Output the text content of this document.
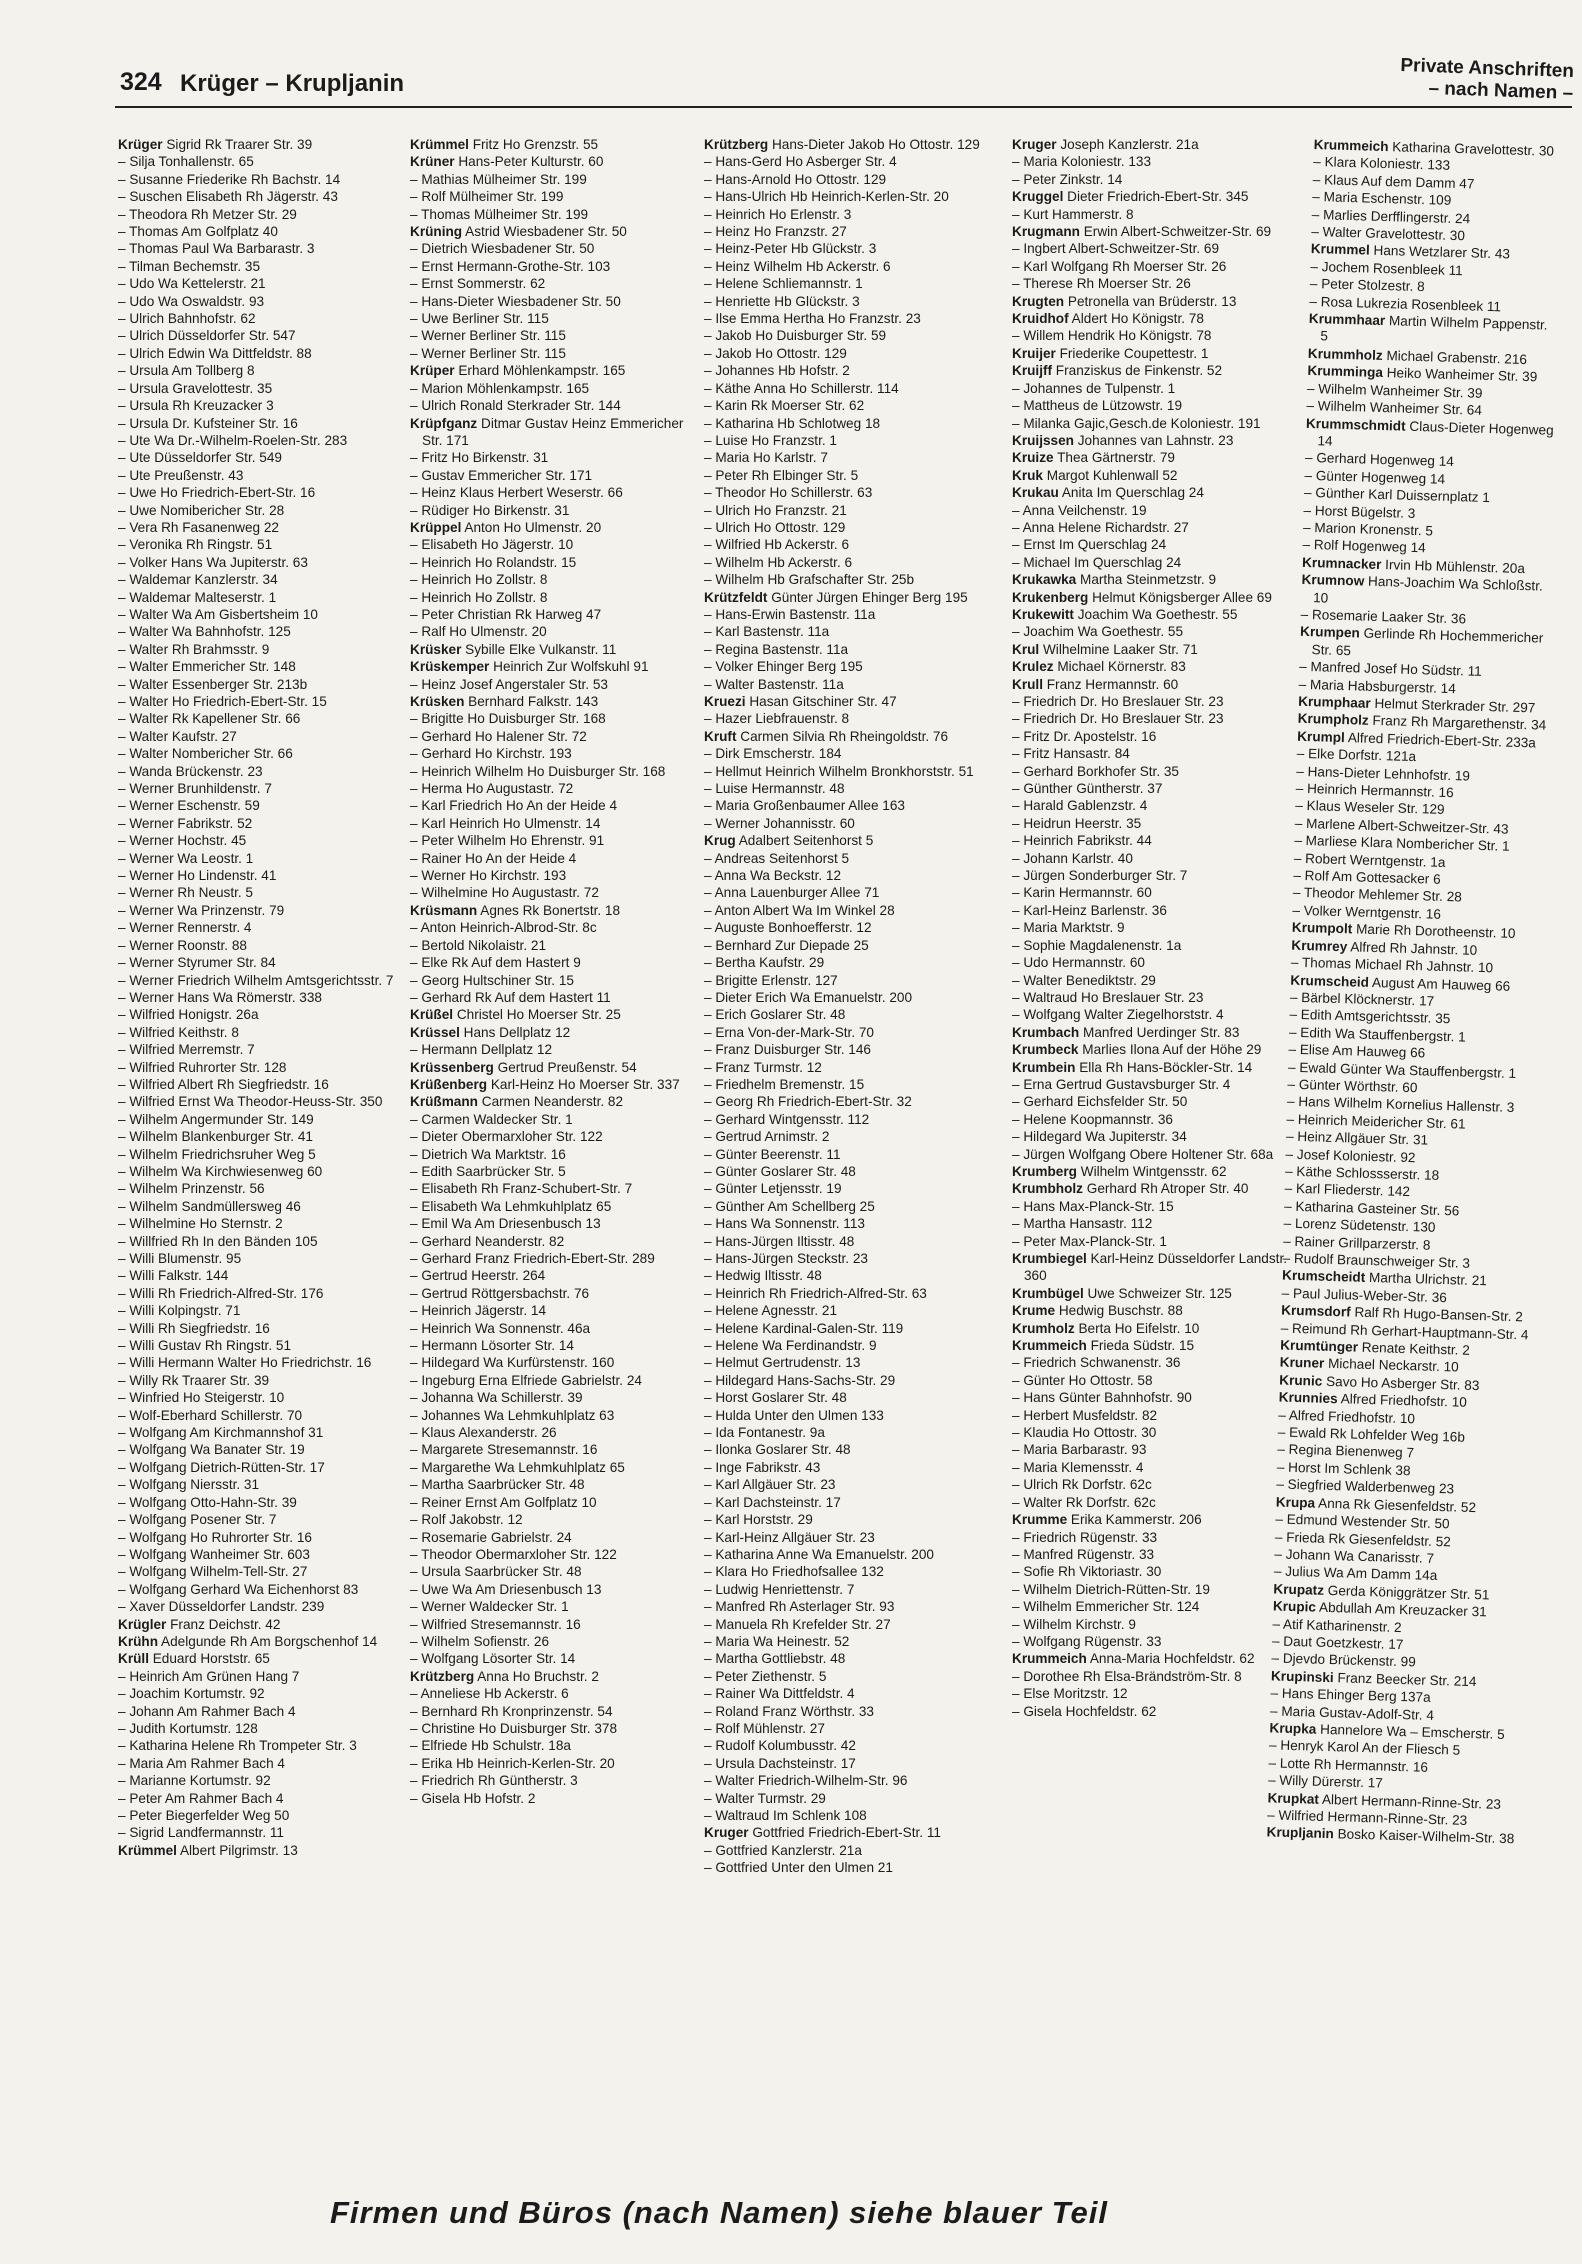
324 Krüger – Krupljanin
Private Anschriften
– nach Namen –
Krüger Sigrid Rk Traarer Str. 39
– Silja Tonhallenstr. 65
– Susanne Friederike Rh Bachstr. 14
– Suschen Elisabeth Rh Jägerstr. 43
– Theodora Rh Metzer Str. 29
– Thomas Am Golfplatz 40
– Thomas Paul Wa Barbarastr. 3
– Tilman Bechemstr. 35
– Udo Wa Kettelerstr. 21
– Udo Wa Oswaldstr. 93
– Ulrich Bahnhofstr. 62
– Ulrich Düsseldorfer Str. 547
– Ulrich Edwin Wa Dittfeldstr. 88
– Ursula Am Tollberg 8
– Ursula Gravelottestr. 35
– Ursula Rh Kreuzacker 3
– Ursula Dr. Kufsteiner Str. 16
– Ute Wa Dr.-Wilhelm-Roelen-Str. 283
– Ute Düsseldorfer Str. 549
– Ute Preußenstr. 43
– Uwe Ho Friedrich-Ebert-Str. 16
– Uwe Nomibericher Str. 28
– Vera Rh Fasanenweg 22
– Veronika Rh Ringstr. 51
– Volker Hans Wa Jupiterstr. 63
– Waldemar Kanzlerstr. 34
– Waldemar Malteserstr. 1
– Walter Wa Am Gisbertsheim 10
– Walter Wa Bahnhofstr. 125
– Walter Rh Brahmsstr. 9
– Walter Emmericher Str. 148
– Walter Essenberger Str. 213b
– Walter Ho Friedrich-Ebert-Str. 15
– Walter Rk Kapellener Str. 66
– Walter Kaufstr. 27
– Walter Nombericher Str. 66
– Wanda Brückenstr. 23
– Werner Brunhildenstr. 7
– Werner Eschenstr. 59
– Werner Fabrikstr. 52
– Werner Hochstr. 45
– Werner Wa Leostr. 1
– Werner Ho Lindenstr. 41
– Werner Rh Neustr. 5
– Werner Wa Prinzenstr. 79
– Werner Rennerstr. 4
– Werner Roonstr. 88
– Werner Styrumer Str. 84
– Werner Friedrich Wilhelm Amtsgerichtsstr. 7
– Werner Hans Wa Römerstr. 338
– Wilfried Honigstr. 26a
– Wilfried Keithstr. 8
– Wilfried Merremstr. 7
– Wilfried Ruhrorter Str. 128
– Wilfried Albert Rh Siegfriedstr. 16
– Wilfried Ernst Wa Theodor-Heuss-Str. 350
– Wilhelm Angermunder Str. 149
– Wilhelm Blankenburger Str. 41
– Wilhelm Friedrichsruher Weg 5
– Wilhelm Wa Kirchwiesenweg 60
– Wilhelm Prinzenstr. 56
– Wilhelm Sandmüllersweg 46
– Wilhelmine Ho Sternstr. 2
– Willfried Rh In den Bänden 105
– Willi Blumenstr. 95
– Willi Falkstr. 144
– Willi Rh Friedrich-Alfred-Str. 176
– Willi Kolpingstr. 71
– Willi Rh Siegfriedstr. 16
– Willi Gustav Rh Ringstr. 51
– Willi Hermann Walter Ho Friedrichstr. 16
– Willy Rk Traarer Str. 39
– Winfried Ho Steigerstr. 10
– Wolf-Eberhard Schillerstr. 70
– Wolfgang Am Kirchmannshof 31
– Wolfgang Wa Banater Str. 19
– Wolfgang Dietrich-Rütten-Str. 17
– Wolfgang Niersstr. 31
– Wolfgang Otto-Hahn-Str. 39
– Wolfgang Posener Str. 7
– Wolfgang Ho Ruhrorter Str. 16
– Wolfgang Wanheimer Str. 603
– Wolfgang Wilhelm-Tell-Str. 27
– Wolfgang Gerhard Wa Eichenhorst 83
– Xaver Düsseldorfer Landstr. 239
Krügler Franz Deichstr. 42
Krühn Adelgunde Rh Am Borgschenhof 14
Krüll Eduard Horststr. 65
– Heinrich Am Grünen Hang 7
– Joachim Kortumstr. 92
– Johann Am Rahmer Bach 4
– Judith Kortumstr. 128
– Katharina Helene Rh Trompeter Str. 3
– Maria Am Rahmer Bach 4
– Marianne Kortumstr. 92
– Peter Am Rahmer Bach 4
– Peter Biegerfelder Weg 50
– Sigrid Landfermannstr. 11
Krümmel Albert Pilgrimstr. 13
Krümmel Fritz Ho Grenzstr. 55
Krüner Hans-Peter Kulturstr. 60
– Mathias Mülheimer Str. 199
– Rolf Mülheimer Str. 199
– Thomas Mülheimer Str. 199
Krüning Astrid Wiesbadener Str. 50
– Dietrich Wiesbadener Str. 50
– Ernst Hermann-Grothe-Str. 103
– Ernst Sommerstr. 62
– Hans-Dieter Wiesbadener Str. 50
– Uwe Berliner Str. 115
– Werner Berliner Str. 115
– Werner Berliner Str. 115
Krüper Erhard Möhlenkampstr. 165
– Marion Möhlenkampstr. 165
– Ulrich Ronald Sterkrader Str. 144
Krüpfganz Ditmar Gustav Heinz Emmericher Str. 171
– Fritz Ho Birkenstr. 31
– Gustav Emmericher Str. 171
– Heinz Klaus Herbert Weserstr. 66
– Rüdiger Ho Birkenstr. 31
Krüppel Anton Ho Ulmenstr. 20
– Elisabeth Ho Jägerstr. 10
– Heinrich Ho Rolandstr. 15
– Heinrich Ho Zollstr. 8
– Heinrich Ho Zollstr. 8
– Peter Christian Rk Harweg 47
– Ralf Ho Ulmenstr. 20
Krüsker Sybille Elke Vulkanstr. 11
Krüskemper Heinrich Zur Wolfskuhl 91
– Heinz Josef Angerstaler Str. 53
Krüsken Bernhard Falkstr. 143
– Brigitte Ho Duisburger Str. 168
– Gerhard Ho Halener Str. 72
– Gerhard Ho Kirchstr. 193
– Heinrich Wilhelm Ho Duisburger Str. 168
– Herma Ho Augustastr. 72
– Karl Friedrich Ho An der Heide 4
– Karl Heinrich Ho Ulmenstr. 14
– Peter Wilhelm Ho Ehrenstr. 91
– Rainer Ho An der Heide 4
– Werner Ho Kirchstr. 193
– Wilhelmine Ho Augustastr. 72
Krüsmann Agnes Rk Bonertstr. 18
– Anton Heinrich-Albrod-Str. 8c
– Bertold Nikolaistr. 21
– Elke Rk Auf dem Hastert 9
– Georg Hultschiner Str. 15
– Gerhard Rk Auf dem Hastert 11
Krüßel Christel Ho Moerser Str. 25
Krüssel Hans Dellplatz 12
– Hermann Dellplatz 12
Krüssenberg Gertrud Preußenstr. 54
Krüßenberg Karl-Heinz Ho Moerser Str. 337
Krüßmann Carmen Neanderstr. 82
– Carmen Waldecker Str. 1
– Dieter Obermarxloher Str. 122
– Dietrich Wa Marktstr. 16
– Edith Saarbrücker Str. 5
– Elisabeth Rh Franz-Schubert-Str. 7
– Elisabeth Wa Lehmkuhlplatz 65
– Emil Wa Am Driesenbusch 13
– Gerhard Neanderstr. 82
– Gerhard Franz Friedrich-Ebert-Str. 289
– Gertrud Heerstr. 264
– Gertrud Röttgersbachstr. 76
– Heinrich Jägerstr. 14
– Heinrich Wa Sonnenstr. 46a
– Hermann Lösorter Str. 14
– Hildegard Wa Kurfürstenstr. 160
– Ingeburg Erna Elfriede Gabrielstr. 24
– Johanna Wa Schillerstr. 39
– Johannes Wa Lehmkuhlplatz 63
– Klaus Alexanderstr. 26
– Margarete Stresemannstr. 16
– Margarethe Wa Lehmkuhlplatz 65
– Martha Saarbrücker Str. 48
– Reiner Ernst Am Golfplatz 10
– Rolf Jakobstr. 12
– Rosemarie Gabrielstr. 24
– Theodor Obermarxloher Str. 122
– Ursula Saarbrücker Str. 48
– Uwe Wa Am Driesenbusch 13
– Werner Waldecker Str. 1
– Wilfried Stresemannstr. 16
– Wilhelm Sofienstr. 26
– Wolfgang Lösorter Str. 14
Krützberg Anna Ho Bruchstr. 2
– Anneliese Hb Ackerstr. 6
– Bernhard Rh Kronprinzenstr. 54
– Christine Ho Duisburger Str. 378
– Elfriede Hb Schulstr. 18a
– Erika Hb Heinrich-Kerlen-Str. 20
– Friedrich Rh Güntherstr. 3
– Gisela Hb Hofstr. 2
Krützberg Hans-Dieter Jakob Ho Ottostr. 129
– Hans-Gerd Ho Asberger Str. 4
– Hans-Arnold Ho Ottostr. 129
– Hans-Ulrich Hb Heinrich-Kerlen-Str. 20
– Heinrich Ho Erlenstr. 3
– Heinz Ho Franzstr. 27
– Heinz-Peter Hb Glückstr. 3
– Heinz Wilhelm Hb Ackerstr. 6
– Helene Schliemannstr. 1
– Henriette Hb Glückstr. 3
– Ilse Emma Hertha Ho Franzstr. 23
– Jakob Ho Duisburger Str. 59
– Jakob Ho Ottostr. 129
– Johannes Hb Hofstr. 2
– Käthe Anna Ho Schillerstr. 114
– Karin Rk Moerser Str. 62
– Katharina Hb Schlotweg 18
– Luise Ho Franzstr. 1
– Maria Ho Karlstr. 7
– Peter Rh Elbinger Str. 5
– Theodor Ho Schillerstr. 63
– Ulrich Ho Franzstr. 21
– Ulrich Ho Ottostr. 129
– Wilfried Hb Ackerstr. 6
– Wilhelm Hb Ackerstr. 6
– Wilhelm Hb Grafschafter Str. 25b
Krützfeldt Günter Jürgen Ehinger Berg 195
– Hans-Erwin Bastenstr. 11a
– Karl Bastenstr. 11a
– Regina Bastenstr. 11a
– Volker Ehinger Berg 195
– Walter Bastenstr. 11a
Kruezi Hasan Gitschiner Str. 47
– Hazer Liebfrauenstr. 8
Kruft Carmen Silvia Rh Rheingoldstr. 76
– Dirk Emscherstr. 184
– Hellmut Heinrich Wilhelm Bronkhorststr. 51
– Luise Hermannstr. 48
– Maria Großenbaumer Allee 163
– Werner Johannisstr. 60
Krug Adalbert Seitenhorst 5
– Andreas Seitenhorst 5
– Anna Wa Beckstr. 12
– Anna Lauenburger Allee 71
– Anton Albert Wa Im Winkel 28
– Auguste Bonhoefferstr. 12
– Bernhard Zur Diepade 25
– Bertha Kaufstr. 29
– Brigitte Erlenstr. 127
– Dieter Erich Wa Emanuelstr. 200
– Erich Goslarer Str. 48
– Erna Von-der-Mark-Str. 70
– Franz Duisburger Str. 146
– Franz Turmstr. 12
– Friedhelm Bremenstr. 15
– Georg Rh Friedrich-Ebert-Str. 32
– Gerhard Wintgensstr. 112
– Gertrud Arnimstr. 2
– Günter Beerenstr. 11
– Günter Goslarer Str. 48
– Günter Letjensstr. 19
– Günther Am Schellberg 25
– Hans Wa Sonnenstr. 113
– Hans-Jürgen Iltisstr. 48
– Hans-Jürgen Steckstr. 23
– Hedwig Iltisstr. 48
– Heinrich Rh Friedrich-Alfred-Str. 63
– Helene Agnesstr. 21
– Helene Kardinal-Galen-Str. 119
– Helene Wa Ferdinandstr. 9
– Helmut Gertrudenstr. 13
– Hildegard Hans-Sachs-Str. 29
– Horst Goslarer Str. 48
– Hulda Unter den Ulmen 133
– Ida Fontanestr. 9a
– Ilonka Goslarer Str. 48
– Inge Fabrikstr. 43
– Karl Allgäuer Str. 23
– Karl Dachsteinstr. 17
– Karl Horststr. 29
– Karl-Heinz Allgäuer Str. 23
– Katharina Anne Wa Emanuelstr. 200
– Klara Ho Friedhofsallee 132
– Ludwig Henriettenstr. 7
– Manfred Rh Asterlager Str. 93
– Manuela Rh Krefelder Str. 27
– Maria Wa Heinestr. 52
– Martha Gottliebstr. 48
– Peter Ziethenstr. 5
– Rainer Wa Dittfeldstr. 4
– Roland Franz Wörthstr. 33
– Rolf Mühlenstr. 27
– Rudolf Kolumbusstr. 42
– Ursula Dachsteinstr. 17
– Walter Friedrich-Wilhelm-Str. 96
– Walter Turmstr. 29
– Waltraud Im Schlenk 108
Kruger Gottfried Friedrich-Ebert-Str. 11
– Gottfried Kanzlerstr. 21a
– Gottfried Unter den Ulmen 21
Kruger Joseph Kanzlerstr. 21a
– Maria Koloniestr. 133
– Peter Zinkstr. 14
Kruggel Dieter Friedrich-Ebert-Str. 345
– Kurt Hammerstr. 8
Krugmann Erwin Albert-Schweitzer-Str. 69
– Ingbert Albert-Schweitzer-Str. 69
– Karl Wolfgang Rh Moerser Str. 26
– Therese Rh Moerser Str. 26
Krugten Petronella van Brüderstr. 13
Kruidhof Aldert Ho Königstr. 78
– Willem Hendrik Ho Königstr. 78
Kruijer Friederike Coupettestr. 1
Kruijff Franziskus de Finkenstr. 52
– Johannes de Tulpenstr. 1
– Mattheus de Lützowstr. 19
– Milanka Gajic,Gesch.de Koloniestr. 191
Kruijssen Johannes van Lahnstr. 23
Kruize Thea Gärtnerstr. 79
Kruk Margot Kuhlenwall 52
Krukau Anita Im Querschlag 24
– Anna Veilchenstr. 19
– Anna Helene Richardstr. 27
– Ernst Im Querschlag 24
– Michael Im Querschlag 24
Krukawka Martha Steinmetzstr. 9
Krukenberg Helmut Königsberger Allee 69
Krukewitt Joachim Wa Goethestr. 55
– Joachim Wa Goethestr. 55
Krul Wilhelmine Laaker Str. 71
Krulez Michael Körnerstr. 83
Krull Franz Hermannstr. 60
– Friedrich Dr. Ho Breslauer Str. 23
– Friedrich Dr. Ho Breslauer Str. 23
– Fritz Dr. Apostelstr. 16
– Fritz Hansastr. 84
– Gerhard Borkhofer Str. 35
– Günther Güntherstr. 37
– Harald Gablenzstr. 4
– Heidrun Heerstr. 35
– Heinrich Fabrikstr. 44
– Johann Karlstr. 40
– Jürgen Sonderburger Str. 7
– Karin Hermannstr. 60
– Karl-Heinz Barlenstr. 36
– Maria Marktstr. 9
– Sophie Magdalenenstr. 1a
– Udo Hermannstr. 60
– Walter Benediktstr. 29
– Waltraud Ho Breslauer Str. 23
– Wolfgang Walter Ziegelhorststr. 4
Krumbach Manfred Uerdinger Str. 83
Krumbeck Marlies Ilona Auf der Höhe 29
Krumbein Ella Rh Hans-Böckler-Str. 14
– Erna Gertrud Gustavsburger Str. 4
– Gerhard Eichsfelder Str. 50
– Helene Koopmannstr. 36
– Hildegard Wa Jupiterstr. 34
– Jürgen Wolfgang Obere Holtener Str. 68a
Krumberg Wilhelm Wintgensstr. 62
Krumbholz Gerhard Rh Atroper Str. 40
– Hans Max-Planck-Str. 15
– Martha Hansastr. 112
– Peter Max-Planck-Str. 1
Krumbiegel Karl-Heinz Düsseldorfer Landstr. 360
Krumbügel Uwe Schweizer Str. 125
Krume Hedwig Buschstr. 88
Krumholz Berta Ho Eifelstr. 10
Krummeich Frieda Südstr. 15
– Friedrich Schwanenstr. 36
– Günter Ho Ottostr. 58
– Hans Günter Bahnhofstr. 90
– Herbert Musfeldstr. 82
– Klaudia Ho Ottostr. 30
– Maria Barbarastr. 93
– Maria Klemensstr. 4
– Ulrich Rk Dorfstr. 62c
– Walter Rk Dorfstr. 62c
Krumme Erika Kammerstr. 206
– Friedrich Rügenstr. 33
– Manfred Rügenstr. 33
– Sofie Rh Viktoriastr. 30
– Wilhelm Dietrich-Rütten-Str. 19
– Wilhelm Emmericher Str. 124
– Wilhelm Kirchstr. 9
– Wolfgang Rügenstr. 33
Krummeich Anna-Maria Hochfeldstr. 62
– Dorothee Rh Elsa-Brändström-Str. 8
– Else Moritzstr. 12
– Gisela Hochfeldstr. 62
Krummeich Katharina Gravelottestr. 30
– Klara Koloniestr. 133
– Klaus Auf dem Damm 47
– Maria Eschenstr. 109
– Marlies Derfflingerstr. 24
– Walter Gravelottestr. 30
Krummel Hans Wetzlarer Str. 43
– Jochem Rosenbleek 11
– Peter Stolzestr. 8
– Rosa Lukrezia Rosenbleek 11
Krummhaar Martin Wilhelm Pappenstr. 5
Krummholz Michael Grabenstr. 216
Krumminga Heiko Wanheimer Str. 39
– Wilhelm Wanheimer Str. 39
– Wilhelm Wanheimer Str. 64
Krummschmidt Claus-Dieter Hogenweg 14
– Gerhard Hogenweg 14
– Günter Hogenweg 14
– Günther Karl Duissernplatz 1
– Horst Bügelstr. 3
– Marion Kronenstr. 5
– Rolf Hogenweg 14
Krumnacker Irvin Hb Mühlenstr. 20a
Krumnow Hans-Joachim Wa Schloßstr. 10
– Rosemarie Laaker Str. 36
Krumpen Gerlinde Rh Hochemmericher Str. 65
– Manfred Josef Ho Südstr. 11
– Maria Habsburgerstr. 14
Krumphaar Helmut Sterkrader Str. 297
Krumpholz Franz Rh Margarethenstr. 34
Krumpl Alfred Friedrich-Ebert-Str. 233a
– Elke Dorfstr. 121a
– Hans-Dieter Lehnhofstr. 19
– Heinrich Hermannstr. 16
– Klaus Weseler Str. 129
– Marlene Albert-Schweitzer-Str. 43
– Marliese Klara Nombericher Str. 1
– Robert Werntgenstr. 1a
– Rolf Am Gottesacker 6
– Theodor Mehlemer Str. 28
– Volker Werntgenstr. 16
Krumpolt Marie Rh Dorotheenstr. 10
Krumrey Alfred Rh Jahnstr. 10
– Thomas Michael Rh Jahnstr. 10
Krumscheid August Am Hauweg 66
– Bärbel Klöcknerstr. 17
– Edith Amtsgerichtsstr. 35
– Edith Wa Stauffenbergstr. 1
– Elise Am Hauweg 66
– Ewald Günter Wa Stauffenbergstr. 1
– Günter Wörthstr. 60
– Hans Wilhelm Kornelius Hallenstr. 3
– Heinrich Meidericher Str. 61
– Heinz Allgäuer Str. 31
– Josef Koloniestr. 92
– Käthe Schlossserstr. 18
– Karl Fliederstr. 142
– Katharina Gasteiner Str. 56
– Lorenz Südetenstr. 130
– Rainer Grillparzerstr. 8
– Rudolf Braunschweiger Str. 3
Krumscheidt Martha Ulrichstr. 21
– Paul Julius-Weber-Str. 36
Krumsdorf Ralf Rh Hugo-Bansen-Str. 2
– Reimund Rh Gerhart-Hauptmann-Str. 4
Krumtünger Renate Keithstr. 2
Kruner Michael Neckarstr. 10
Krunic Savo Ho Asberger Str. 83
Krunnies Alfred Friedhofstr. 10
– Alfred Friedhofstr. 10
– Ewald Rk Lohfelder Weg 16b
– Regina Bienenweg 7
– Horst Im Schlenk 38
– Siegfried Walderbenweg 23
Krupa Anna Rk Giesenfeldstr. 52
– Edmund Westender Str. 50
– Frieda Rk Giesenfeldstr. 52
– Johann Wa Canarisstr. 7
– Julius Wa Am Damm 14a
Krupatz Gerda Königgrätzer Str. 51
Krupic Abdullah Am Kreuzacker 31
– Atif Katharinenstr. 2
– Daut Goetzkestr. 17
– Djevdo Brückenstr. 99
Krupinski Franz Beecker Str. 214
– Hans Ehinger Berg 137a
– Maria Gustav-Adolf-Str. 4
Krupka Hannelore Wa – Emscherstr. 5
– Henryk Karol An der Fliesch 5
– Lotte Rh Hermannstr. 16
– Willy Dürerstr. 17
Krupkat Albert Hermann-Rinne-Str. 23
– Wilfried Hermann-Rinne-Str. 23
Krupljanin Bosko Kaiser-Wilhelm-Str. 38
Firmen und Büros (nach Namen) siehe blauer Teil
